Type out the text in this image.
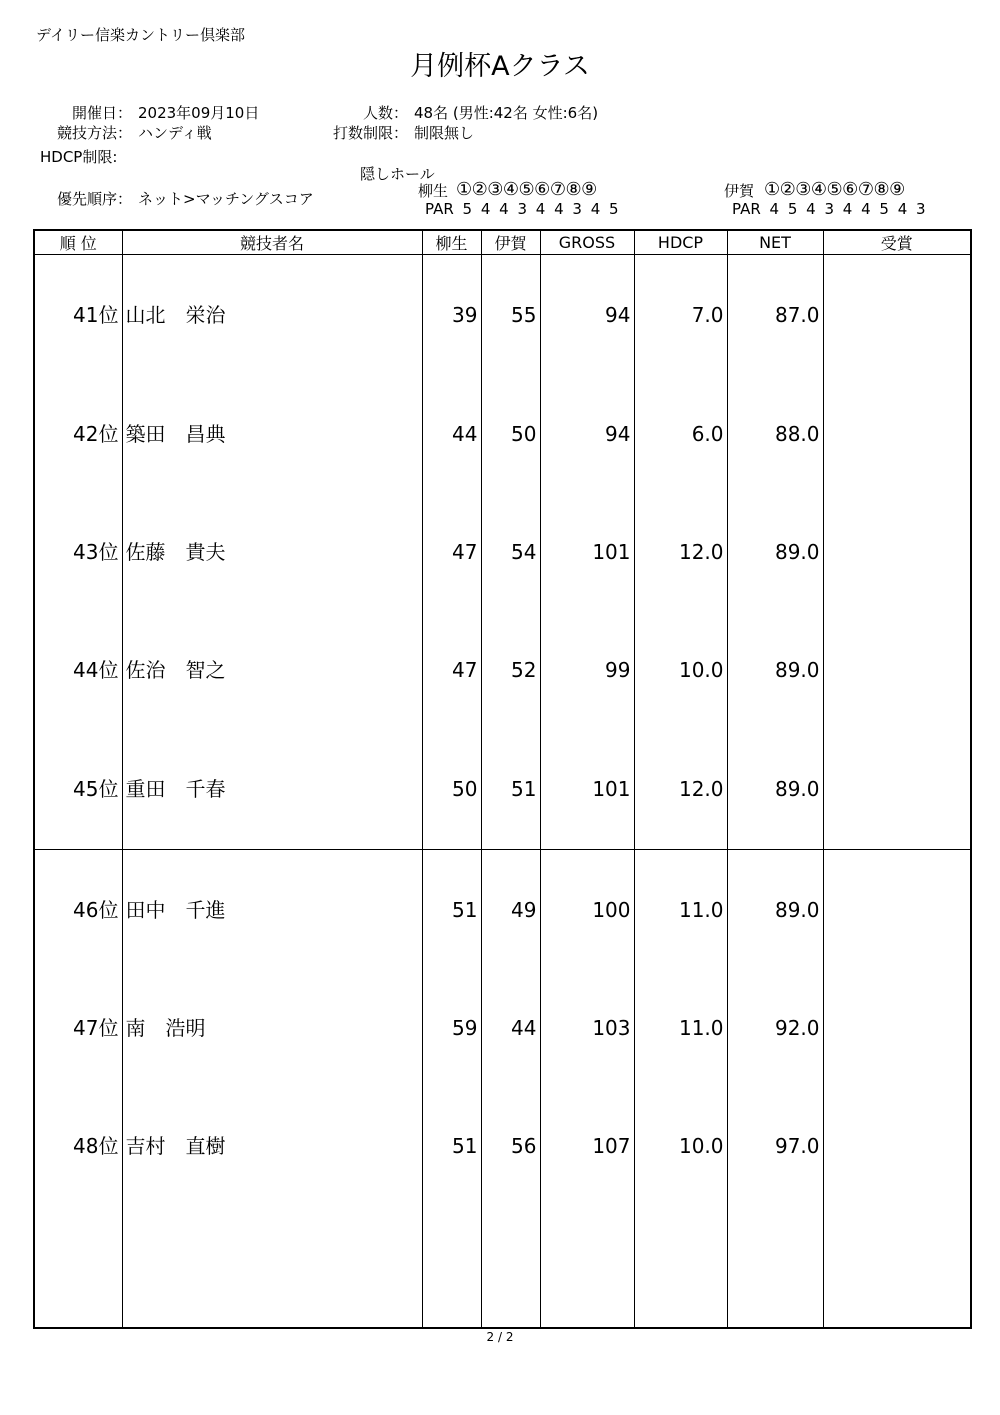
デイリー信楽カントリー倶楽部
月例杯Aクラス
開催日： 2023年09月10日	人数： 48名 (男性:42名 女性:6名)
競技方法： ハンディ戦	打数制限： 制限無し
HDCP制限:
隠しホール
優先順序： ネット>マッチングスコア	柳生 ①②③④⑤⑥⑦⑧⑨
PAR 5 4 4 3 4 4 3 4 5
伊賀 ①②③④⑤⑥⑦⑧⑨
PAR 4 5 4 3 4 4 5 4 3
順 位	競技者名	柳生	伊賀	GROSS	HDCP	NET	受賞
41位	山北　栄治	39	55	94	7.0	87.0	
42位	築田　昌典	44	50	94	6.0	88.0	
43位	佐藤　貴夫	47	54	101	12.0	89.0	
44位	佐治　智之	47	52	99	10.0	89.0	
45位	重田　千春	50	51	101	12.0	89.0	
46位	田中　千進	51	49	100	11.0	89.0	
47位	南　浩明	59	44	103	11.0	92.0	
48位	吉村　直樹	51	56	107	10.0	97.0	

2 / 2
